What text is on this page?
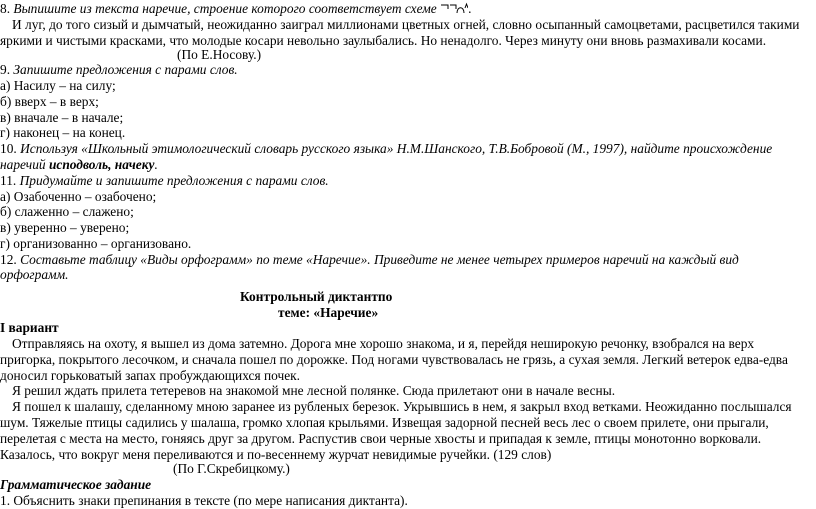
8. Выпишите из текста наречие, строение которого соответствует схеме .
И луг, до того сизый и дымчатый, неожиданно заиграл миллионами цветных огней, словно осыпанный самоцветами, расцветился такими
яркими и чистыми красками, что молодые косари невольно заулыбались. Но ненадолго. Через минуту они вновь размахивали косами.
(По Е.Носову.)
9. Запишите предложения с парами слов.
а) Насилу – на силу;
б) вверх – в верх;
в) вначале – в начале;
г) наконец – на конец.
10. Используя «Школьный этимологический словарь русского языка» Н.М.Шанского, Т.В.Бобровой (М., 1997), найдите происхождение
наречий исподволь, начеку.
11. Придумайте и запишите предложения с парами слов.
а) Озабоченно – озабочено;
б) слаженно – слажено;
в) уверенно – уверено;
г) организованно – организовано.
12. Составьте таблицу «Виды орфограмм» по теме «Наречие». Приведите не менее четырех примеров наречий на каждый вид
орфограмм.
Контрольный диктантпо
теме: «Наречие»
I вариант
Отправляясь на охоту, я вышел из дома затемно. Дорога мне хорошо знакома, и я, перейдя неширокую речонку, взобрался на верх
пригорка, покрытого лесочком, и сначала пошел по дорожке. Под ногами чувствовалась не грязь, а сухая земля. Легкий ветерок едва-едва
доносил горьковатый запах пробуждающихся почек.
Я решил ждать прилета тетеревов на знакомой мне лесной полянке. Сюда прилетают они в начале весны.
Я пошел к шалашу, сделанному мною заранее из рубленых березок. Укрывшись в нем, я закрыл вход ветками. Неожиданно послышался
шум. Тяжелые птицы садились у шалаша, громко хлопая крыльями. Извещая задорной песней весь лес о своем прилете, они прыгали,
перелетая с места на место, гоняясь друг за другом. Распустив свои черные хвосты и припадая к земле, птицы монотонно ворковали.
Казалось, что вокруг меня переливаются и по-весеннему журчат невидимые ручейки. (129 слов)
(По Г.Скребицкому.)
Грамматическое задание
1. Объяснить знаки препинания в тексте (по мере написания диктанта).
